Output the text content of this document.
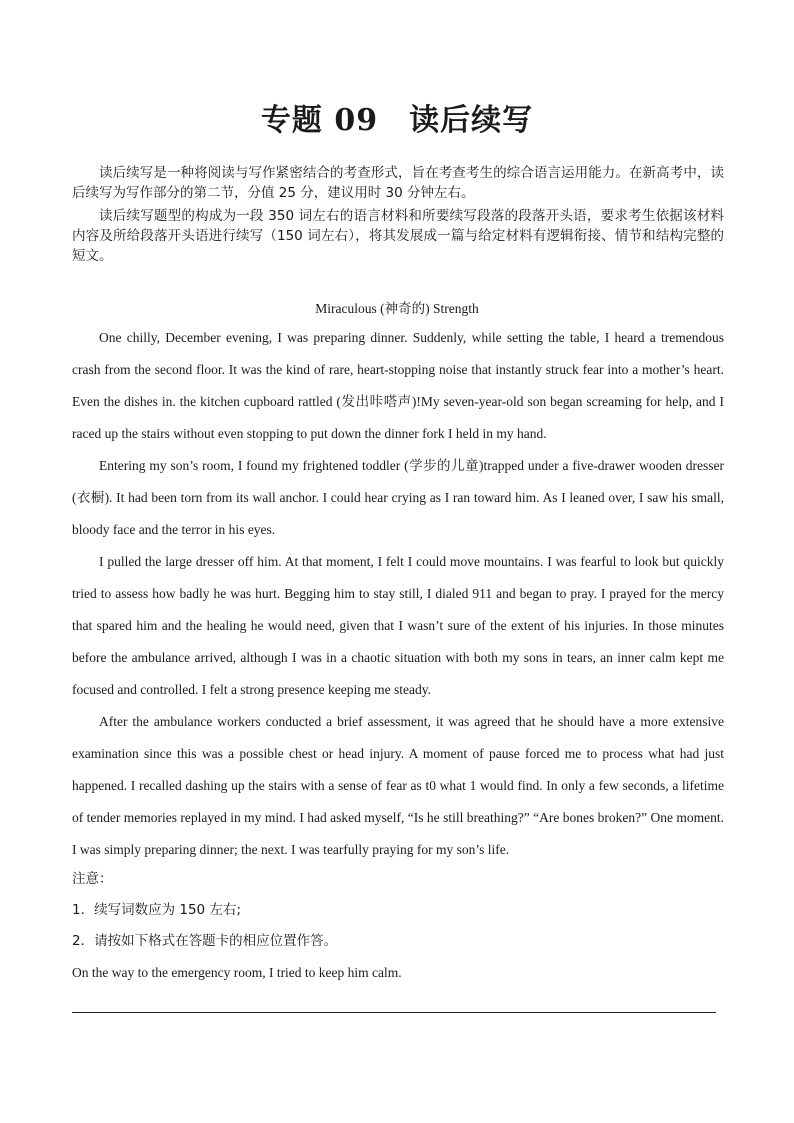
专题 09　读后续写

读后续写是一种将阅读与写作紧密结合的考查形式，旨在考查考生的综合语言运用能力。在新高考中，读后续写为写作部分的第二节，分值 25 分，建议用时 30 分钟左右。

读后续写题型的构成为一段 350 词左右的语言材料和所要续写段落的段落开头语，要求考生依据该材料内容及所给段落开头语进行续写（150 词左右），将其发展成一篇与给定材料有逻辑衔接、情节和结构完整的短文。

Miraculous (神奇的) Strength

One chilly, December evening, I was preparing dinner. Suddenly, while setting the table, I heard a tremendous crash from the second floor. It was the kind of rare, heart-stopping noise that instantly struck fear into a mother’s heart. Even the dishes in. the kitchen cupboard rattled (发出咔嗒声)!My seven-year-old son began screaming for help, and I raced up the stairs without even stopping to put down the dinner fork I held in my hand.

Entering my son’s room, I found my frightened toddler (学步的儿童)trapped under a five-drawer wooden dresser (衣橱). It had been torn from its wall anchor. I could hear crying as I ran toward him. As I leaned over, I saw his small, bloody face and the terror in his eyes.

I pulled the large dresser off him. At that moment, I felt I could move mountains. I was fearful to look but quickly tried to assess how badly he was hurt. Begging him to stay still, I dialed 911 and began to pray. I prayed for the mercy that spared him and the healing he would need, given that I wasn’t sure of the extent of his injuries. In those minutes before the ambulance arrived, although I was in a chaotic situation with both my sons in tears, an inner calm kept me focused and controlled. I felt a strong presence keeping me steady.

After the ambulance workers conducted a brief assessment, it was agreed that he should have a more extensive examination since this was a possible chest or head injury. A moment of pause forced me to process what had just happened. I recalled dashing up the stairs with a sense of fear as t0 what 1 would find. In only a few seconds, a lifetime of tender memories replayed in my mind. I had asked myself, “Is he still breathing?” “Are bones broken?” One moment. I was simply preparing dinner; the next. I was tearfully praying for my son’s life.

注意：

1．续写词数应为 150 左右;

2．请按如下格式在答题卡的相应位置作答。

On the way to the emergency room, I tried to keep him calm.
